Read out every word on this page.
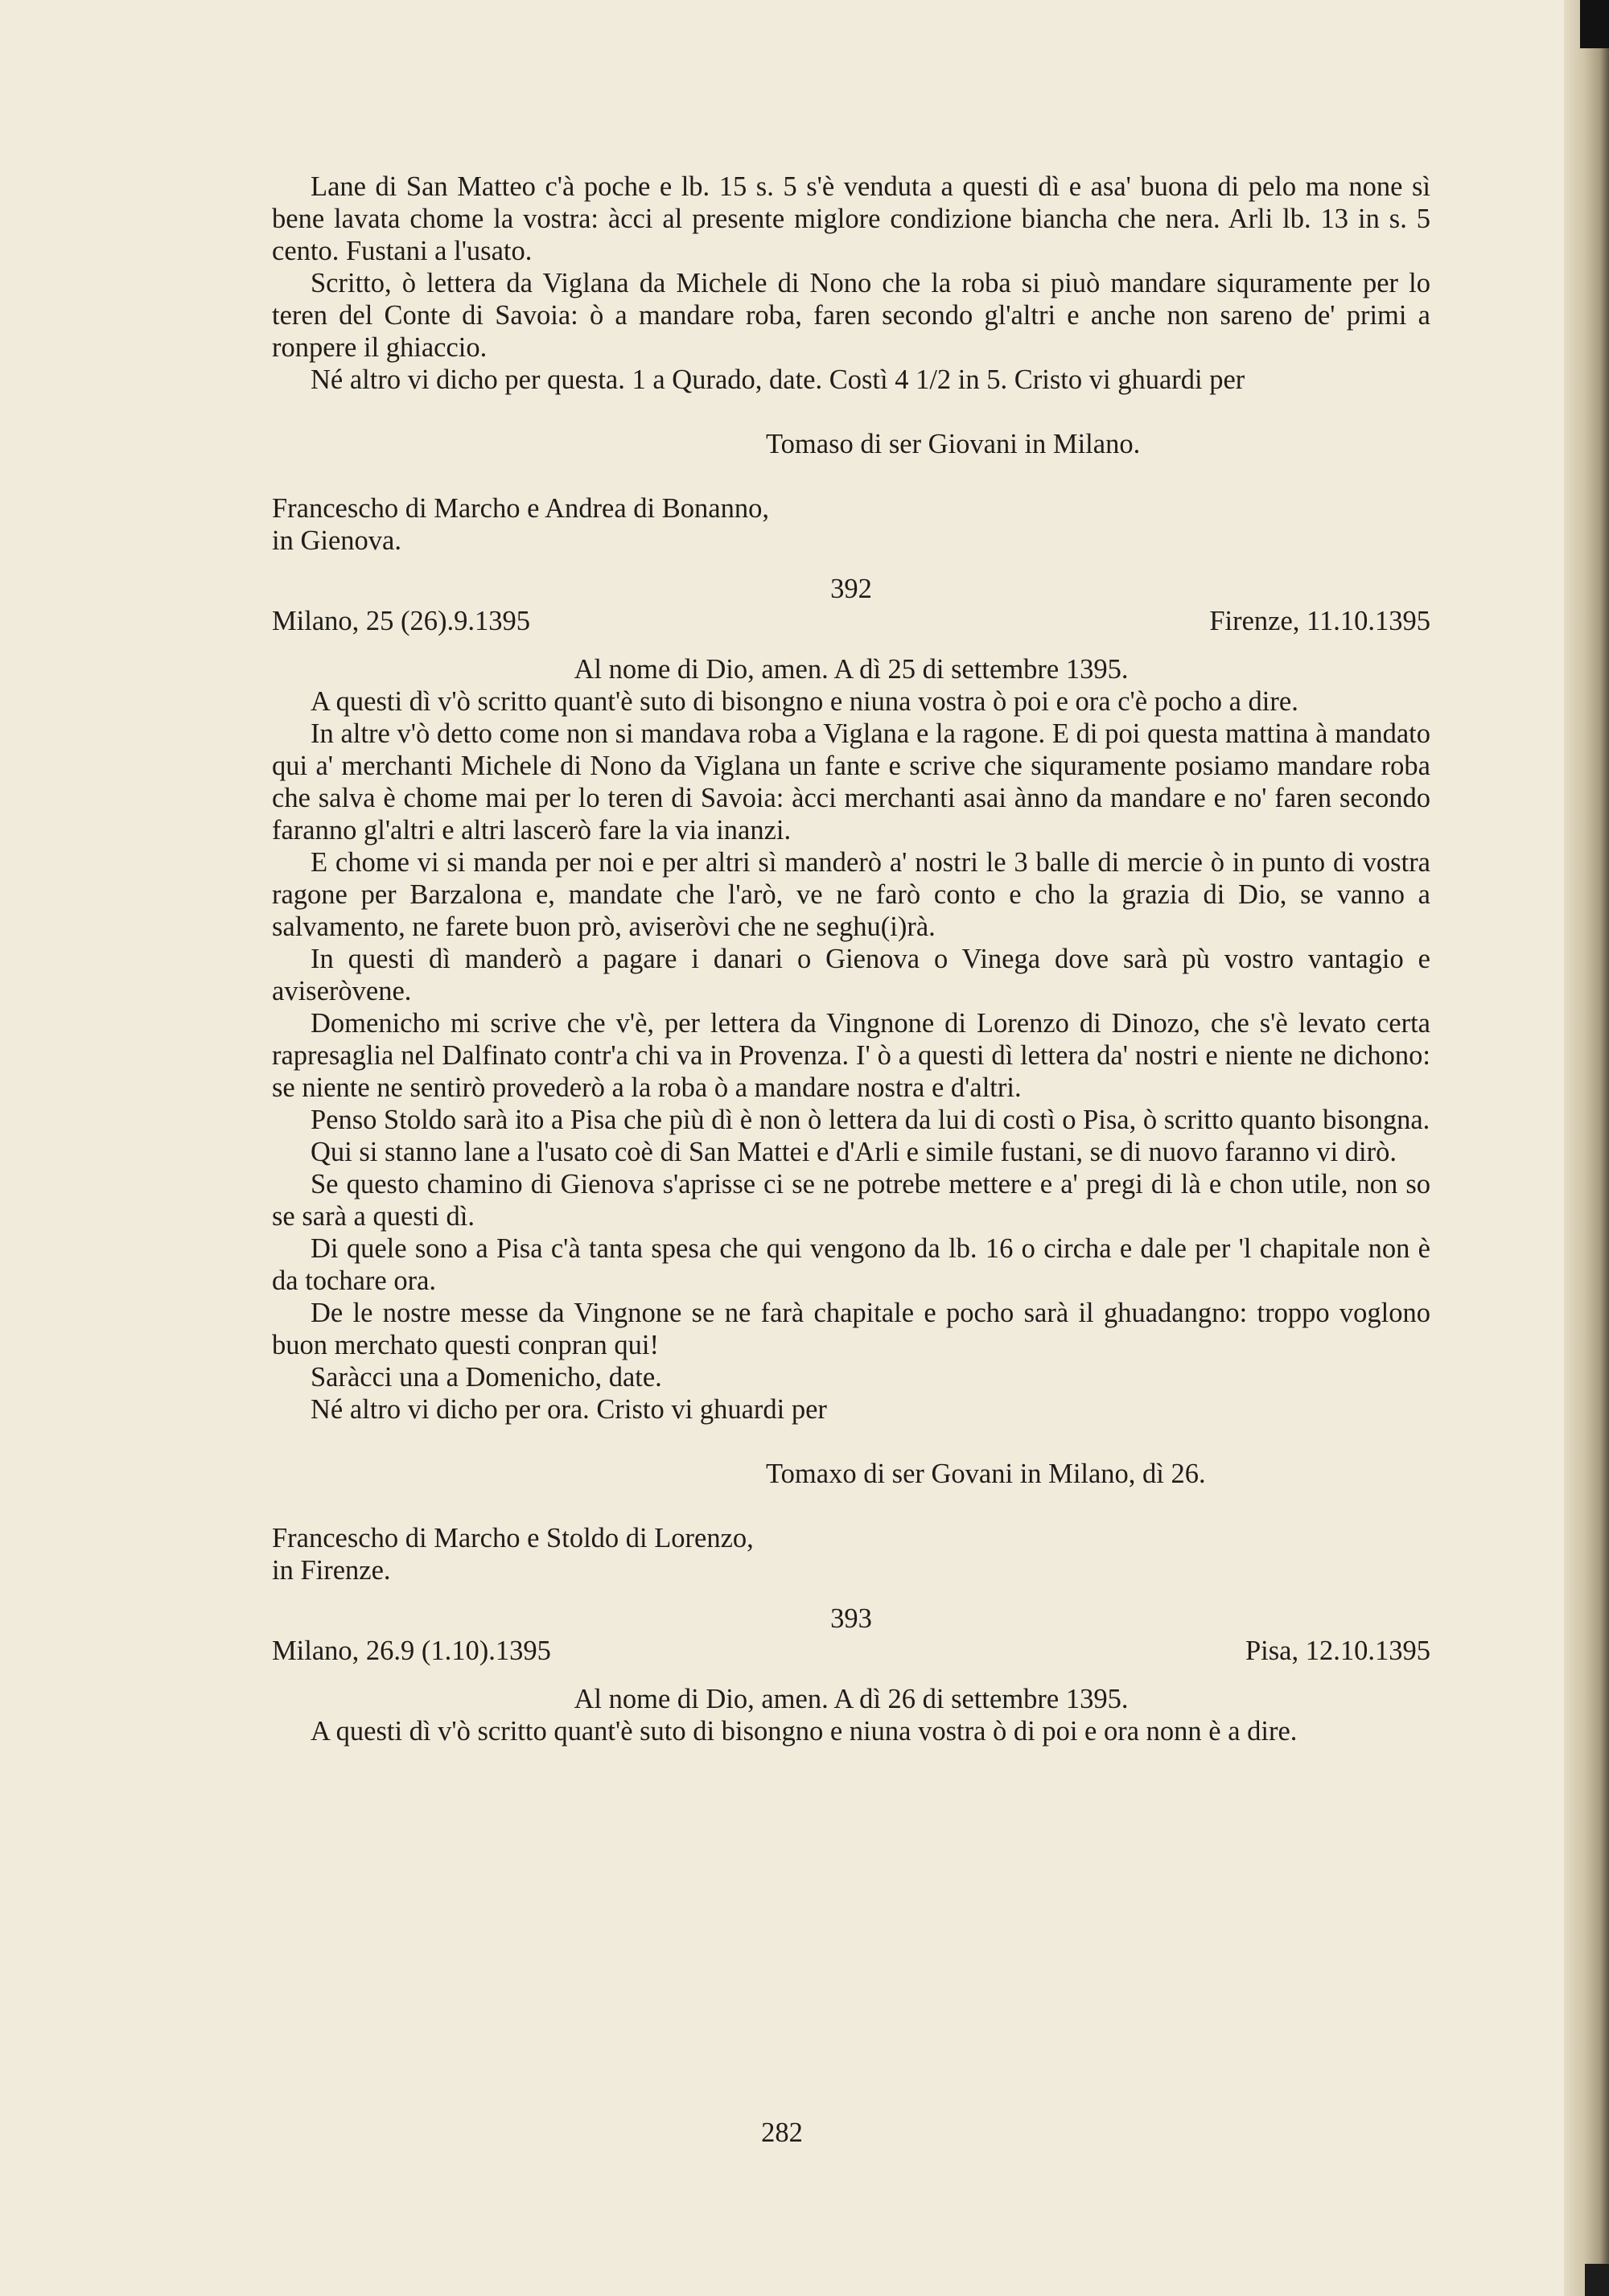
Lane di San Matteo c'à poche e lb. 15 s. 5 s'è venduta a questi dì e asa' buona di pelo ma none sì bene lavata chome la vostra: àcci al presente miglore condizione biancha che nera. Arli lb. 13 in s. 5 cento. Fustani a l'usato.

Scritto, ò lettera da Viglana da Michele di Nono che la roba si piuò mandare siquramente per lo teren del Conte di Savoia: ò a mandare roba, faren secondo gl'altri e anche non sareno de' primi a ronpere il ghiaccio.

Né altro vi dicho per questa. 1 a Qurado, date. Costì 4 1/2 in 5. Cristo vi ghuardi per

Tomaso di ser Giovani in Milano.

Francescho di Marcho e Andrea di Bonanno,

in Gienova.

392
Milano, 25 (26).9.1395	Firenze, 11.10.1395
Al nome di Dio, amen. A dì 25 di settembre 1395.

A questi dì v'ò scritto quant'è suto di bisongno e niuna vostra ò poi e ora c'è pocho a dire.

In altre v'ò detto come non si mandava roba a Viglana e la ragone. E di poi questa mattina à mandato qui a' merchanti Michele di Nono da Viglana un fante e scrive che siquramente posiamo mandare roba che salva è chome mai per lo teren di Savoia: àcci merchanti asai ànno da mandare e no' faren secondo faranno gl'altri e altri lascerò fare la via inanzi.

E chome vi si manda per noi e per altri sì manderò a' nostri le 3 balle di mercie ò in punto di vostra ragone per Barzalona e, mandate che l'arò, ve ne farò conto e cho la grazia di Dio, se vanno a salvamento, ne farete buon prò, aviseròvi che ne seghu(i)rà.

In questi dì manderò a pagare i danari o Gienova o Vinega dove sarà pù vostro vantagio e aviseròvene.

Domenicho mi scrive che v'è, per lettera da Vingnone di Lorenzo di Dinozo, che s'è levato certa rapresaglia nel Dalfinato contr'a chi va in Provenza. I' ò a questi dì lettera da' nostri e niente ne dichono: se niente ne sentirò provederò a la roba ò a mandare nostra e d'altri.

Penso Stoldo sarà ito a Pisa che più dì è non ò lettera da lui di costì o Pisa, ò scritto quanto bisongna.

Qui si stanno lane a l'usato coè di San Mattei e d'Arli e simile fustani, se di nuovo faranno vi dirò.

Se questo chamino di Gienova s'aprisse ci se ne potrebe mettere e a' pregi di là e chon utile, non so se sarà a questi dì.

Di quele sono a Pisa c'à tanta spesa che qui vengono da lb. 16 o circha e dale per 'l chapitale non è da tochare ora.

De le nostre messe da Vingnone se ne farà chapitale e pocho sarà il ghuadangno: troppo voglono buon merchato questi conpran qui!

Saràcci una a Domenicho, date.

Né altro vi dicho per ora. Cristo vi ghuardi per

Tomaxo di ser Govani in Milano, dì 26.

Francescho di Marcho e Stoldo di Lorenzo,

in Firenze.

393
Milano, 26.9 (1.10).1395	Pisa, 12.10.1395
Al nome di Dio, amen. A dì 26 di settembre 1395.

A questi dì v'ò scritto quant'è suto di bisongno e niuna vostra ò di poi e ora nonn è a dire.

282
